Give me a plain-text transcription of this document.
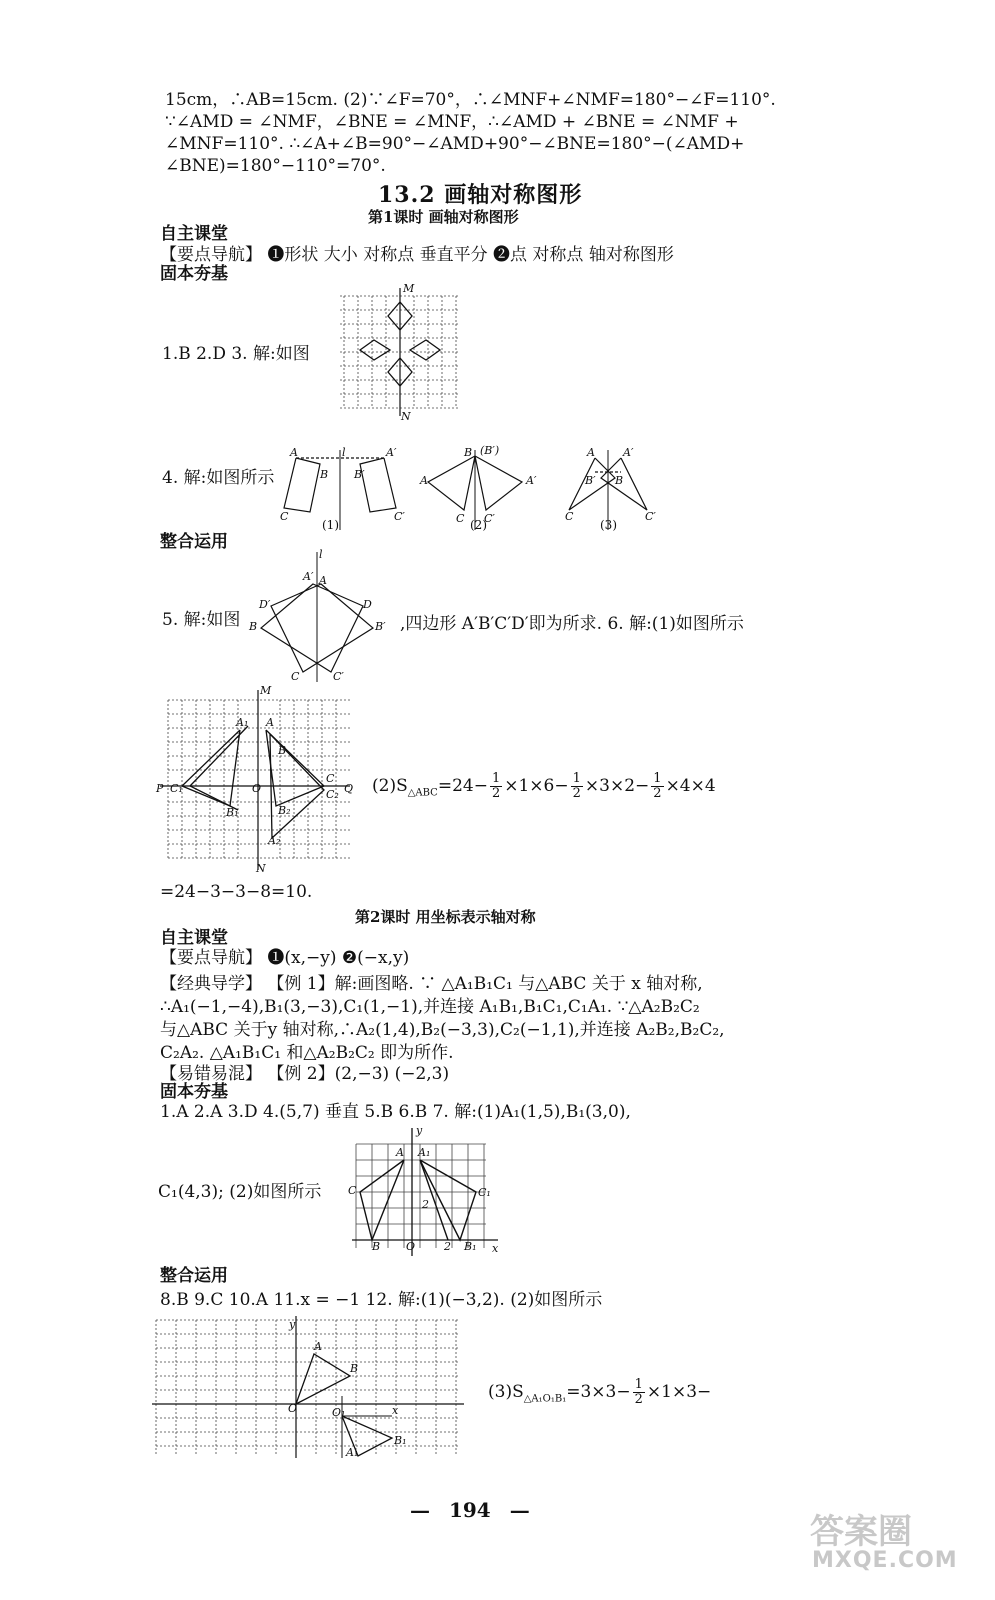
15cm，∴AB=15cm. (2)∵∠F=70°，∴∠MNF+∠NMF=180°−∠F=110°.
∵∠AMD = ∠NMF，∠BNE = ∠MNF，∴∠AMD + ∠BNE = ∠NMF +
∠MNF=110°. ∴∠A+∠B=90°−∠AMD+90°−∠BNE=180°−(∠AMD+
∠BNE)=180°−110°=70°.
13.2 画轴对称图形
第1课时 画轴对称图形
自主课堂
【要点导航】 ❶形状 大小 对称点 垂直平分 ❷点 对称点 轴对称图形
固本夯基
M
N
1.B 2.D 3. 解:如图
l
A	A′
B B′
C	C′
B (B′)
A	A′
C C′
A	A′
B′ B
C	C′
4. 解:如图所示
(1)	(2)	(3)
整合运用
l
A′ A
D′	D
B	B′
C	C′
5. 解:如图	,四边形 A′B′C′D′即为所求. 6. 解:(1)如图所示
M
N
P	Q
O
A₁ A
C₁
C
C₂
B₁
B
B₂
A₂
$(2)S_{\triangle ABC}=24- \frac{1}{2} \times 1\times 6- \frac{1}{2} \times 3\times 2- \frac{1}{2} \times 4\times 4$
=24−3−3−8=10.
第2课时 用坐标表示轴对称
自主课堂
【要点导航】 ❶(x,−y) ❷(−x,y)
【经典导学】 【例 1】解:画图略. ∵ △A₁B₁C₁ 与△ABC 关于 x 轴对称,
∴A₁(−1,−4),B₁(3,−3),C₁(1,−1),并连接 A₁B₁,B₁C₁,C₁A₁. ∵△A₂B₂C₂
与△ABC 关于y 轴对称,∴A₂(1,4),B₂(−3,3),C₂(−1,1),并连接 A₂B₂,B₂C₂,
C₂A₂. △A₁B₁C₁ 和△A₂B₂C₂ 即为所作.
【易错易混】 【例 2】(2,−3) (−2,3)
固本夯基
1.A 2.A 3.D 4.(5,7) 垂直 5.B 6.B 7. 解:(1)A₁(1,5),B₁(3,0),
y
x
A A₁
C	C₁
2
B O	2 B₁
C₁(4,3); (2)如图所示
整合运用
8.B 9.C 10.A 11.x = −1 12. 解:(1)(−3,2). (2)如图所示
y
x
O
A
B
O₁
A₁
B₁
$(3)S_{\triangle A_1O_1B_1}=3\times 3- \frac{1}{2} \times 1\times 3-$
— 194 —
答案圈
MXQE.COM
